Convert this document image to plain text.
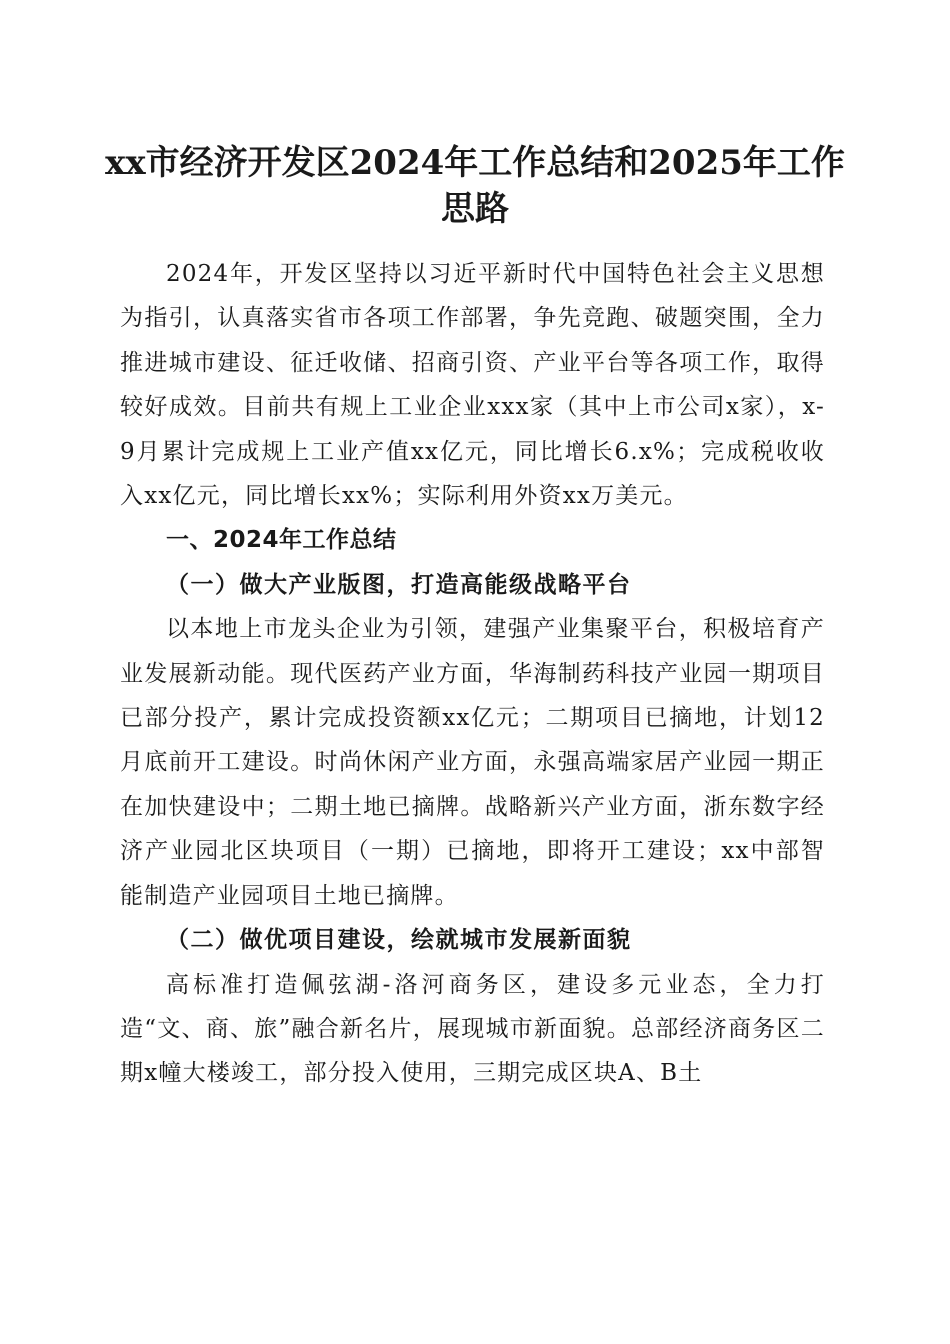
xx市经济开发区2024年工作总结和2025年工作思路

2024年，开发区坚持以习近平新时代中国特色社会主义思想为指引，认真落实省市各项工作部署，争先竞跑、破题突围，全力推进城市建设、征迁收储、招商引资、产业平台等各项工作，取得较好成效。目前共有规上工业企业xxx家（其中上市公司x家），x-9月累计完成规上工业产值xx亿元，同比增长6.x%；完成税收收入xx亿元，同比增长xx%；实际利用外资xx万美元。

一、2024年工作总结

（一）做大产业版图，打造高能级战略平台

以本地上市龙头企业为引领，建强产业集聚平台，积极培育产业发展新动能。现代医药产业方面，华海制药科技产业园一期项目已部分投产，累计完成投资额xx亿元；二期项目已摘地，计划12月底前开工建设。时尚休闲产业方面，永强高端家居产业园一期正在加快建设中；二期土地已摘牌。战略新兴产业方面，浙东数字经济产业园北区块项目（一期）已摘地，即将开工建设；xx中部智能制造产业园项目土地已摘牌。

（二）做优项目建设，绘就城市发展新面貌

高标准打造佩弦湖-洛河商务区，建设多元业态，全力打造“文、商、旅”融合新名片，展现城市新面貌。总部经济商务区二期x幢大楼竣工，部分投入使用，三期完成区块A、B土
